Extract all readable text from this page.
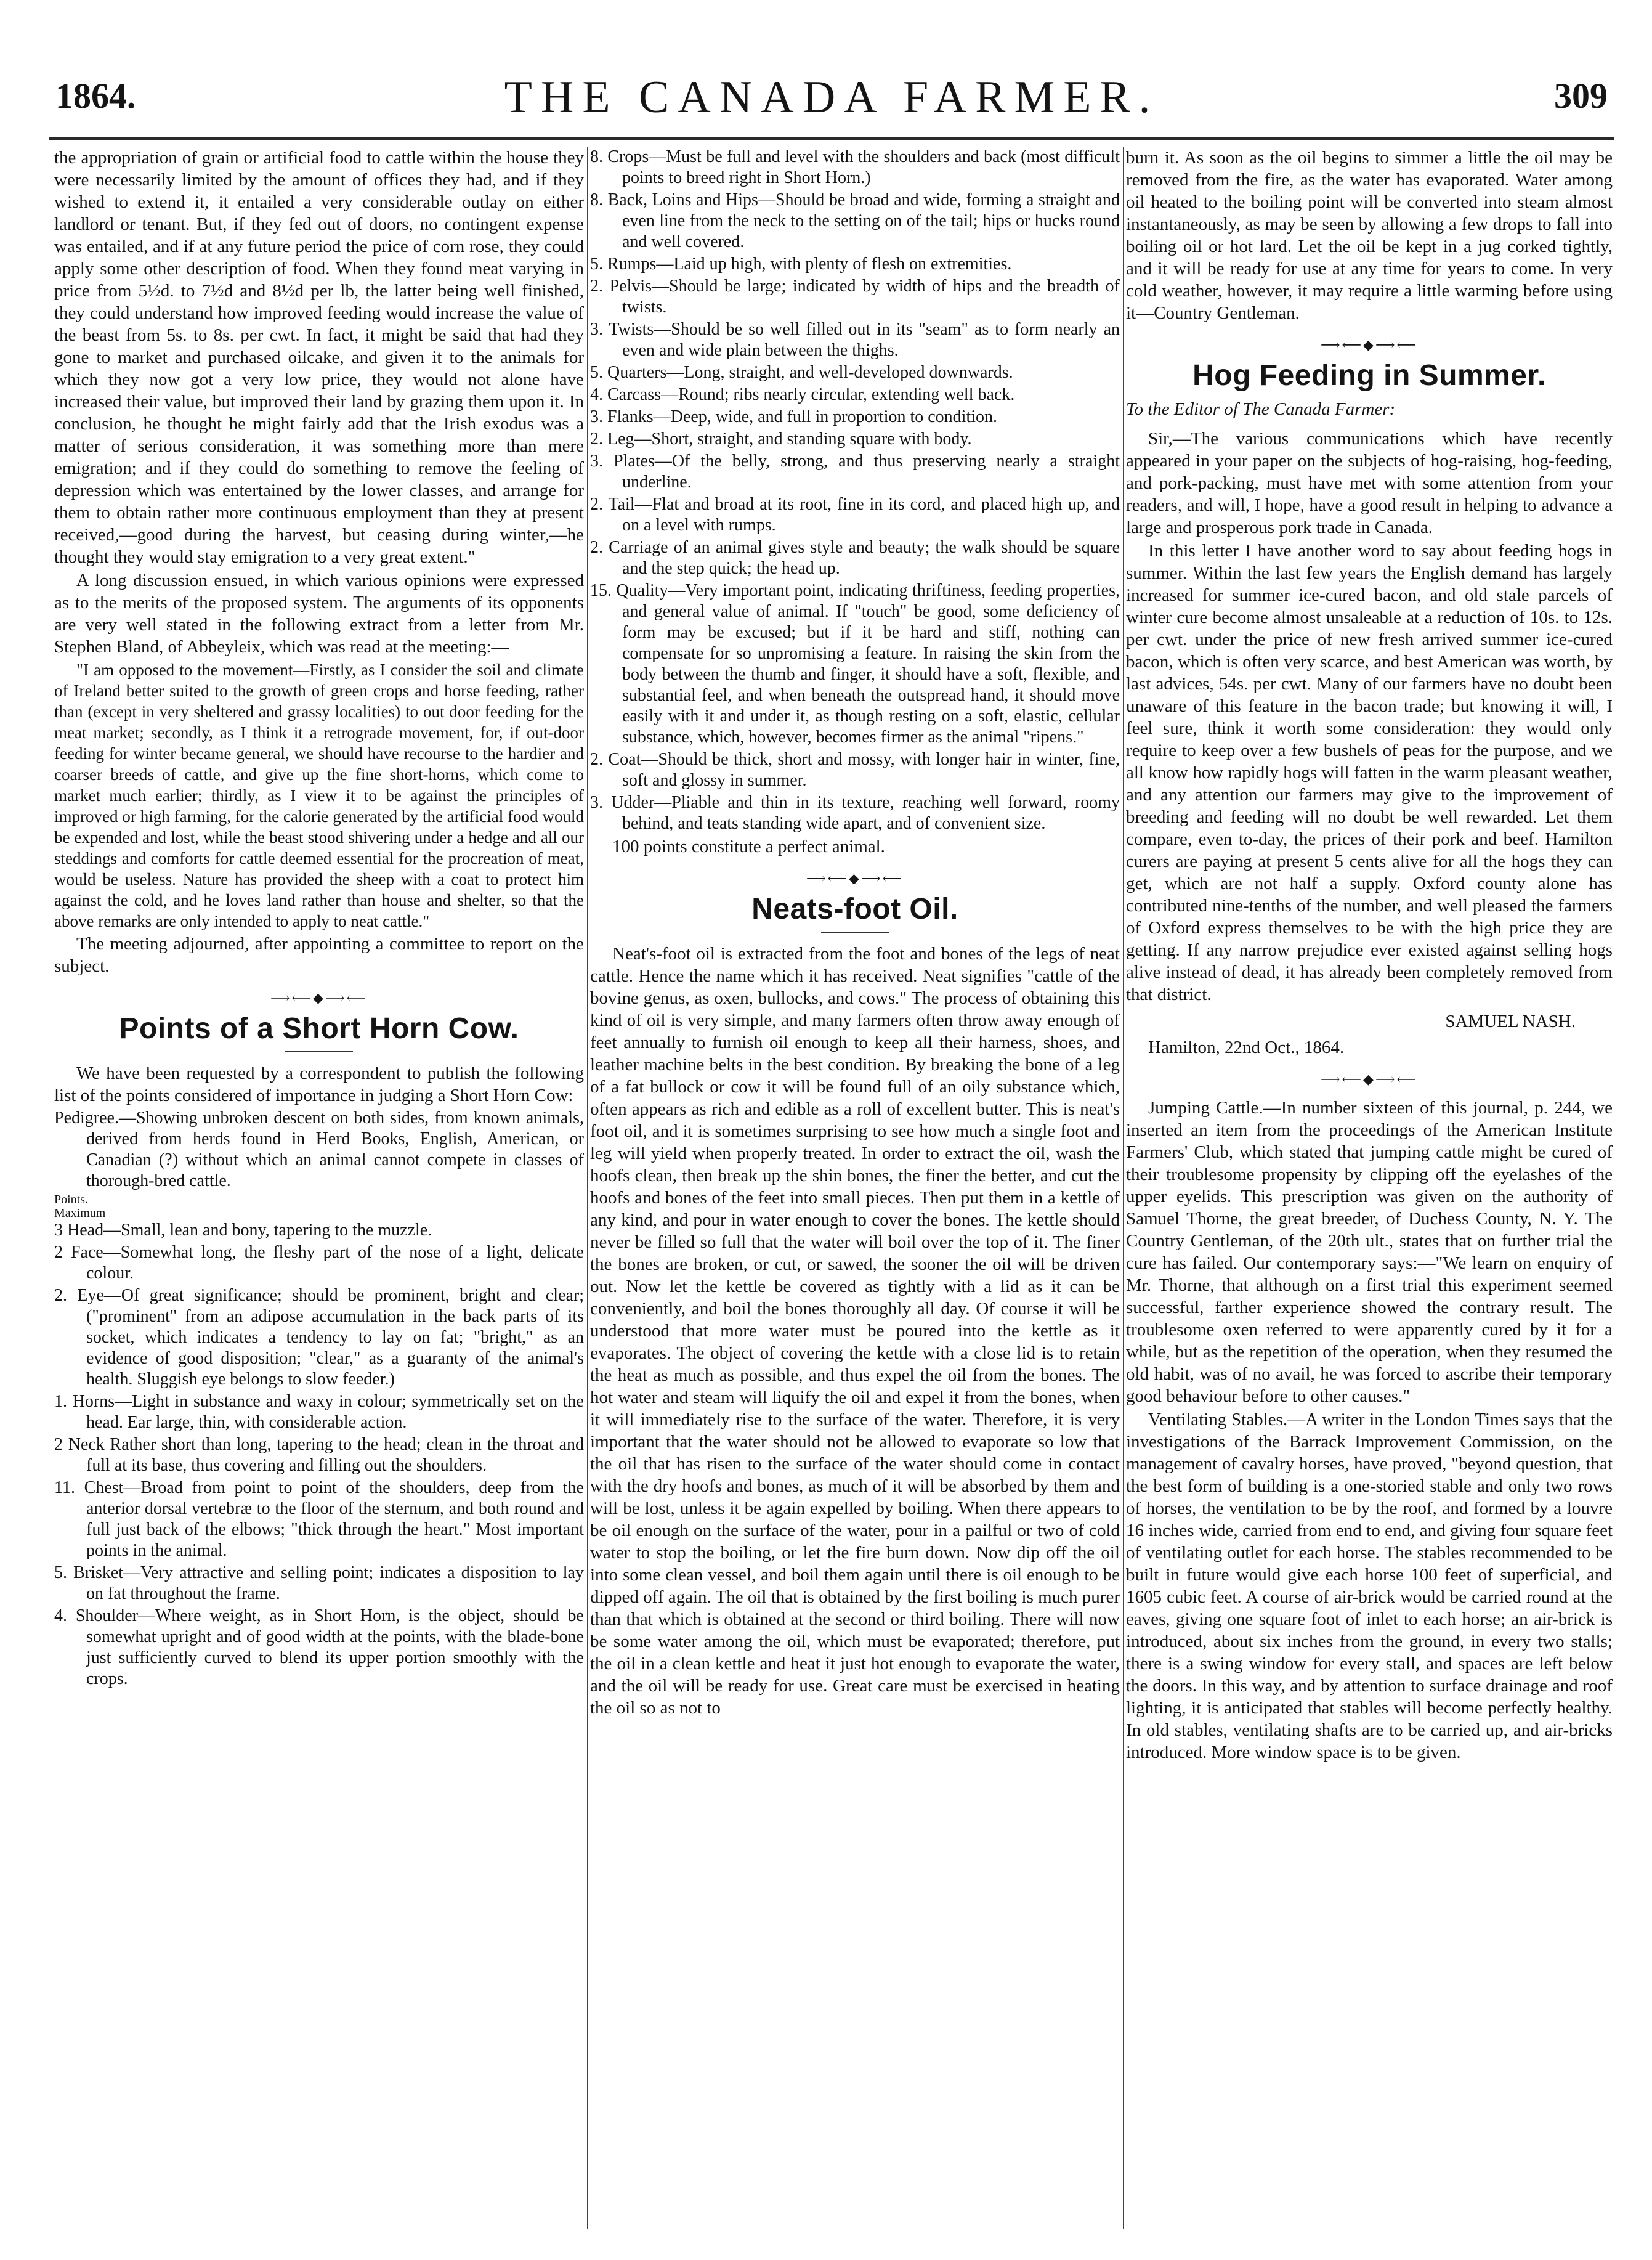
1864.	THE CANADA FARMER.	309

the appropriation of grain or artificial food to cattle within the house they were necessarily limited by the amount of offices they had, and if they wished to extend it, it entailed a very considerable outlay on either landlord or tenant. But, if they fed out of doors, no contingent expense was entailed, and if at any future period the price of corn rose, they could apply some other description of food. When they found meat varying in price from 5½d. to 7½d and 8½d per lb, the latter being well finished, they could understand how improved feeding would increase the value of the beast from 5s. to 8s. per cwt. In fact, it might be said that had they gone to market and purchased oilcake, and given it to the animals for which they now got a very low price, they would not alone have increased their value, but improved their land by grazing them upon it. In conclusion, he thought he might fairly add that the Irish exodus was a matter of serious consideration, it was something more than mere emigration; and if they could do something to remove the feeling of depression which was entertained by the lower classes, and arrange for them to obtain rather more continuous employment than they at present received,—good during the harvest, but ceasing during winter,—he thought they would stay emigration to a very great extent."

A long discussion ensued, in which various opinions were expressed as to the merits of the proposed system. The arguments of its opponents are very well stated in the following extract from a letter from Mr. Stephen Bland, of Abbeyleix, which was read at the meeting:—

"I am opposed to the movement—Firstly, as I consider the soil and climate of Ireland better suited to the growth of green crops and horse feeding, rather than (except in very sheltered and grassy localities) to out door feeding for the meat market; secondly, as I think it a retrograde movement, for, if out-door feeding for winter became general, we should have recourse to the hardier and coarser breeds of cattle, and give up the fine short-horns, which come to market much earlier; thirdly, as I view it to be against the principles of improved or high farming, for the calorie generated by the artificial food would be expended and lost, while the beast stood shivering under a hedge and all our steddings and comforts for cattle deemed essential for the procreation of meat, would be useless. Nature has provided the sheep with a coat to protect him against the cold, and he loves land rather than house and shelter, so that the above remarks are only intended to apply to neat cattle."

The meeting adjourned, after appointing a committee to report on the subject.

⟶⟵◆⟶⟵
Points of a Short Horn Cow.

We have been requested by a correspondent to publish the following list of the points considered of importance in judging a Short Horn Cow:

Pedigree.—Showing unbroken descent on both sides, from known animals, derived from herds found in Herd Books, English, American, or Canadian (?) without which an animal cannot compete in classes of thorough-bred cattle.

Points.
Maximum

3 Head—Small, lean and bony, tapering to the muzzle.

2 Face—Somewhat long, the fleshy part of the nose of a light, delicate colour.

2. Eye—Of great significance; should be prominent, bright and clear; ("prominent" from an adipose accumulation in the back parts of its socket, which indicates a tendency to lay on fat; "bright," as an evidence of good disposition; "clear," as a guaranty of the animal's health. Sluggish eye belongs to slow feeder.)

1. Horns—Light in substance and waxy in colour; symmetrically set on the head. Ear large, thin, with considerable action.

2 Neck Rather short than long, tapering to the head; clean in the throat and full at its base, thus covering and filling out the shoulders.

11. Chest—Broad from point to point of the shoulders, deep from the anterior dorsal vertebræ to the floor of the sternum, and both round and full just back of the elbows; "thick through the heart." Most important points in the animal.

5. Brisket—Very attractive and selling point; indicates a disposition to lay on fat throughout the frame.

4. Shoulder—Where weight, as in Short Horn, is the object, should be somewhat upright and of good width at the points, with the blade-bone just sufficiently curved to blend its upper portion smoothly with the crops.

8. Crops—Must be full and level with the shoulders and back (most difficult points to breed right in Short Horn.)

8. Back, Loins and Hips—Should be broad and wide, forming a straight and even line from the neck to the setting on of the tail; hips or hucks round and well covered.

5. Rumps—Laid up high, with plenty of flesh on extremities.

2. Pelvis—Should be large; indicated by width of hips and the breadth of twists.

3. Twists—Should be so well filled out in its "seam" as to form nearly an even and wide plain between the thighs.

5. Quarters—Long, straight, and well-developed downwards.

4. Carcass—Round; ribs nearly circular, extending well back.

3. Flanks—Deep, wide, and full in proportion to condition.

2. Leg—Short, straight, and standing square with body.

3. Plates—Of the belly, strong, and thus preserving nearly a straight underline.

2. Tail—Flat and broad at its root, fine in its cord, and placed high up, and on a level with rumps.

2. Carriage of an animal gives style and beauty; the walk should be square and the step quick; the head up.

15. Quality—Very important point, indicating thriftiness, feeding properties, and general value of animal. If "touch" be good, some deficiency of form may be excused; but if it be hard and stiff, nothing can compensate for so unpromising a feature. In raising the skin from the body between the thumb and finger, it should have a soft, flexible, and substantial feel, and when beneath the outspread hand, it should move easily with it and under it, as though resting on a soft, elastic, cellular substance, which, however, becomes firmer as the animal "ripens."

2. Coat—Should be thick, short and mossy, with longer hair in winter, fine, soft and glossy in summer.

3. Udder—Pliable and thin in its texture, reaching well forward, roomy behind, and teats standing wide apart, and of convenient size.

100 points constitute a perfect animal.

⟶⟵◆⟶⟵
Neats-foot Oil.

Neat's-foot oil is extracted from the foot and bones of the legs of neat cattle. Hence the name which it has received. Neat signifies "cattle of the bovine genus, as oxen, bullocks, and cows." The process of obtaining this kind of oil is very simple, and many farmers often throw away enough of feet annually to furnish oil enough to keep all their harness, shoes, and leather machine belts in the best condition. By breaking the bone of a leg of a fat bullock or cow it will be found full of an oily substance which, often appears as rich and edible as a roll of excellent butter. This is neat's foot oil, and it is sometimes surprising to see how much a single foot and leg will yield when properly treated. In order to extract the oil, wash the hoofs clean, then break up the shin bones, the finer the better, and cut the hoofs and bones of the feet into small pieces. Then put them in a kettle of any kind, and pour in water enough to cover the bones. The kettle should never be filled so full that the water will boil over the top of it. The finer the bones are broken, or cut, or sawed, the sooner the oil will be driven out. Now let the kettle be covered as tightly with a lid as it can be conveniently, and boil the bones thoroughly all day. Of course it will be understood that more water must be poured into the kettle as it evaporates. The object of covering the kettle with a close lid is to retain the heat as much as possible, and thus expel the oil from the bones. The hot water and steam will liquify the oil and expel it from the bones, when it will immediately rise to the surface of the water. Therefore, it is very important that the water should not be allowed to evaporate so low that the oil that has risen to the surface of the water should come in contact with the dry hoofs and bones, as much of it will be absorbed by them and will be lost, unless it be again expelled by boiling. When there appears to be oil enough on the surface of the water, pour in a pailful or two of cold water to stop the boiling, or let the fire burn down. Now dip off the oil into some clean vessel, and boil them again until there is oil enough to be dipped off again. The oil that is obtained by the first boiling is much purer than that which is obtained at the second or third boiling. There will now be some water among the oil, which must be evaporated; therefore, put the oil in a clean kettle and heat it just hot enough to evaporate the water, and the oil will be ready for use. Great care must be exercised in heating the oil so as not to

burn it. As soon as the oil begins to simmer a little the oil may be removed from the fire, as the water has evaporated. Water among oil heated to the boiling point will be converted into steam almost instantaneously, as may be seen by allowing a few drops to fall into boiling oil or hot lard. Let the oil be kept in a jug corked tightly, and it will be ready for use at any time for years to come. In very cold weather, however, it may require a little warming before using it—Country Gentleman.

⟶⟵◆⟶⟵
Hog Feeding in Summer.

To the Editor of The Canada Farmer:

Sir,—The various communications which have recently appeared in your paper on the subjects of hog-raising, hog-feeding, and pork-packing, must have met with some attention from your readers, and will, I hope, have a good result in helping to advance a large and prosperous pork trade in Canada.

In this letter I have another word to say about feeding hogs in summer. Within the last few years the English demand has largely increased for summer ice-cured bacon, and old stale parcels of winter cure become almost unsaleable at a reduction of 10s. to 12s. per cwt. under the price of new fresh arrived summer ice-cured bacon, which is often very scarce, and best American was worth, by last advices, 54s. per cwt. Many of our farmers have no doubt been unaware of this feature in the bacon trade; but knowing it will, I feel sure, think it worth some consideration: they would only require to keep over a few bushels of peas for the purpose, and we all know how rapidly hogs will fatten in the warm pleasant weather, and any attention our farmers may give to the improvement of breeding and feeding will no doubt be well rewarded. Let them compare, even to-day, the prices of their pork and beef. Hamilton curers are paying at present 5 cents alive for all the hogs they can get, which are not half a supply. Oxford county alone has contributed nine-tenths of the number, and well pleased the farmers of Oxford express themselves to be with the high price they are getting. If any narrow prejudice ever existed against selling hogs alive instead of dead, it has already been completely removed from that district.

SAMUEL NASH.
Hamilton, 22nd Oct., 1864.
⟶⟵◆⟶⟵

Jumping Cattle.—In number sixteen of this journal, p. 244, we inserted an item from the proceedings of the American Institute Farmers' Club, which stated that jumping cattle might be cured of their troublesome propensity by clipping off the eyelashes of the upper eyelids. This prescription was given on the authority of Samuel Thorne, the great breeder, of Duchess County, N. Y. The Country Gentleman, of the 20th ult., states that on further trial the cure has failed. Our contemporary says:—"We learn on enquiry of Mr. Thorne, that although on a first trial this experiment seemed successful, farther experience showed the contrary result. The troublesome oxen referred to were apparently cured by it for a while, but as the repetition of the operation, when they resumed the old habit, was of no avail, he was forced to ascribe their temporary good behaviour before to other causes."

Ventilating Stables.—A writer in the London Times says that the investigations of the Barrack Improvement Commission, on the management of cavalry horses, have proved, "beyond question, that the best form of building is a one-storied stable and only two rows of horses, the ventilation to be by the roof, and formed by a louvre 16 inches wide, carried from end to end, and giving four square feet of ventilating outlet for each horse. The stables recommended to be built in future would give each horse 100 feet of superficial, and 1605 cubic feet. A course of air-brick would be carried round at the eaves, giving one square foot of inlet to each horse; an air-brick is introduced, about six inches from the ground, in every two stalls; there is a swing window for every stall, and spaces are left below the doors. In this way, and by attention to surface drainage and roof lighting, it is anticipated that stables will become perfectly healthy. In old stables, ventilating shafts are to be carried up, and air-bricks introduced. More window space is to be given.
